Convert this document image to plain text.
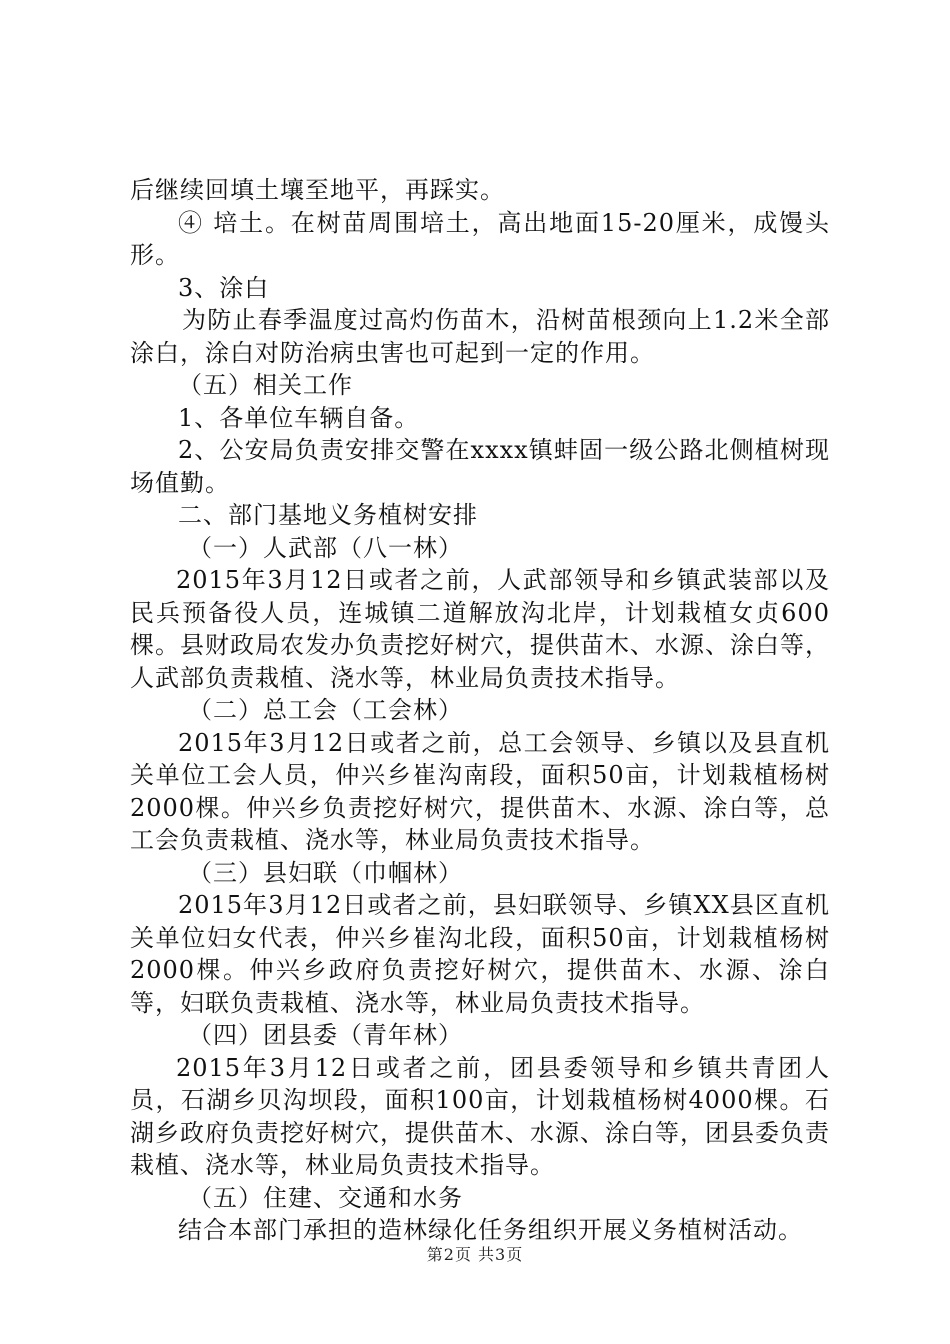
后继续回填土壤至地平，再踩实。

④ 培土。在树苗周围培土，高出地面15-20厘米，成馒头形。

3、涂白

为防止春季温度过高灼伤苗木，沿树苗根颈向上1.2米全部涂白，涂白对防治病虫害也可起到一定的作用。

（五）相关工作

1、各单位车辆自备。

2、公安局负责安排交警在xxxx镇蚌固一级公路北侧植树现场值勤。

二、部门基地义务植树安排

（一）人武部（八一林）

2015年3月12日或者之前，人武部领导和乡镇武装部以及民兵预备役人员，连城镇二道解放沟北岸，计划栽植女贞600棵。县财政局农发办负责挖好树穴，提供苗木、水源、涂白等，人武部负责栽植、浇水等，林业局负责技术指导。

（二）总工会（工会林）

2015年3月12日或者之前，总工会领导、乡镇以及县直机关单位工会人员，仲兴乡崔沟南段，面积50亩，计划栽植杨树2000棵。仲兴乡负责挖好树穴，提供苗木、水源、涂白等，总工会负责栽植、浇水等，林业局负责技术指导。

（三）县妇联（巾帼林）

2015年3月12日或者之前，县妇联领导、乡镇XX县区直机关单位妇女代表，仲兴乡崔沟北段，面积50亩，计划栽植杨树2000棵。仲兴乡政府负责挖好树穴，提供苗木、水源、涂白等，妇联负责栽植、浇水等，林业局负责技术指导。

（四）团县委（青年林）

2015年3月12日或者之前，团县委领导和乡镇共青团人员，石湖乡贝沟坝段，面积100亩，计划栽植杨树4000棵。石湖乡政府负责挖好树穴，提供苗木、水源、涂白等，团县委负责栽植、浇水等，林业局负责技术指导。

（五）住建、交通和水务

结合本部门承担的造林绿化任务组织开展义务植树活动。

第2页 共3页
